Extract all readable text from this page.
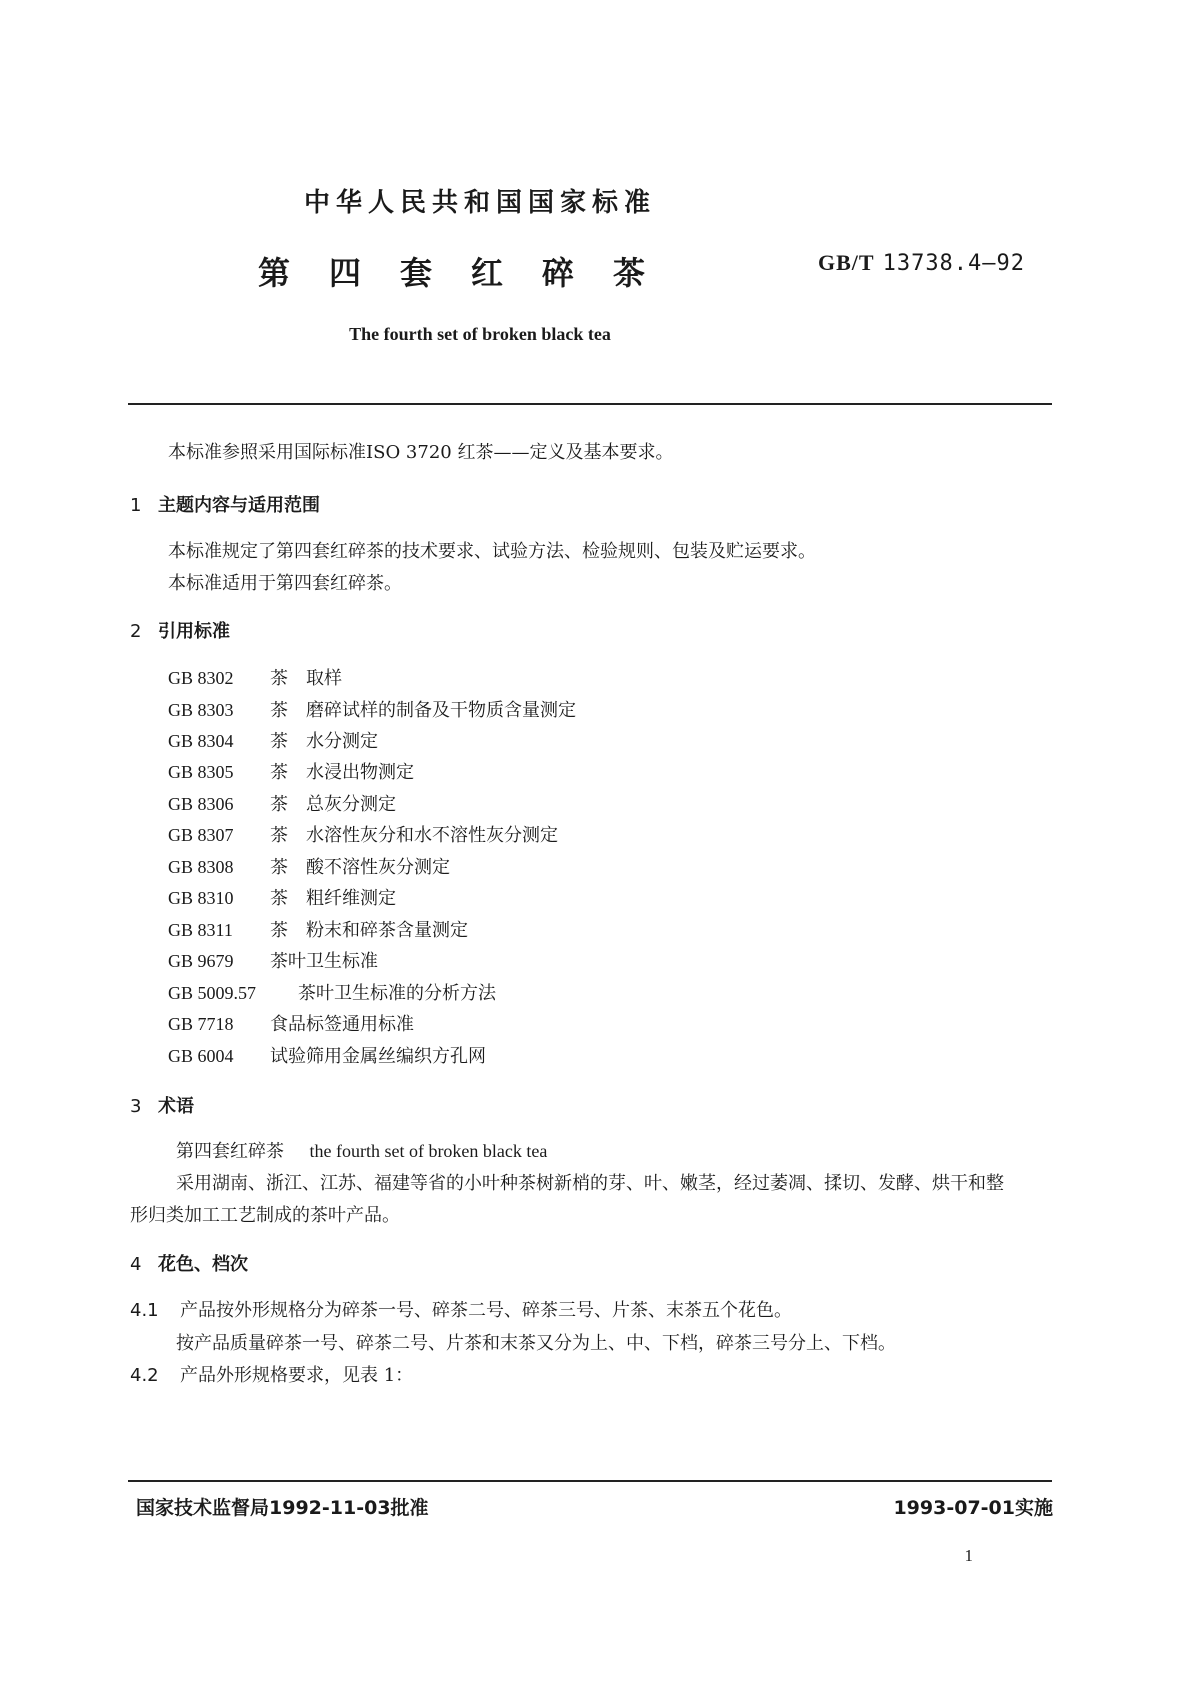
中华人民共和国国家标准
第四套红碎茶	GB/T 13738.4—92
The fourth set of broken black tea
本标准参照采用国际标准ISO 3720 红茶——定义及基本要求。
1 主题内容与适用范围
本标准规定了第四套红碎茶的技术要求、试验方法、检验规则、包装及贮运要求。
本标准适用于第四套红碎茶。
2 引用标准
GB 8302 茶 取样
GB 8303 茶 磨碎试样的制备及干物质含量测定
GB 8304 茶 水分测定
GB 8305 茶 水浸出物测定
GB 8306 茶 总灰分测定
GB 8307 茶 水溶性灰分和水不溶性灰分测定
GB 8308 茶 酸不溶性灰分测定
GB 8310 茶 粗纤维测定
GB 8311 茶 粉末和碎茶含量测定
GB 9679 茶叶卫生标准
GB 5009.57 茶叶卫生标准的分析方法
GB 7718 食品标签通用标准
GB 6004 试验筛用金属丝编织方孔网
3 术语
第四套红碎茶 the fourth set of broken black tea
采用湖南、浙江、江苏、福建等省的小叶种茶树新梢的芽、叶、嫩茎，经过萎凋、揉切、发酵、烘干和整
形归类加工工艺制成的茶叶产品。
4 花色、档次
4.1 产品按外形规格分为碎茶一号、碎茶二号、碎茶三号、片茶、末茶五个花色。
按产品质量碎茶一号、碎茶二号、片茶和末茶又分为上、中、下档，碎茶三号分上、下档。
4.2 产品外形规格要求，见表 1：
国家技术监督局1992-11-03批准	1993-07-01实施
1
